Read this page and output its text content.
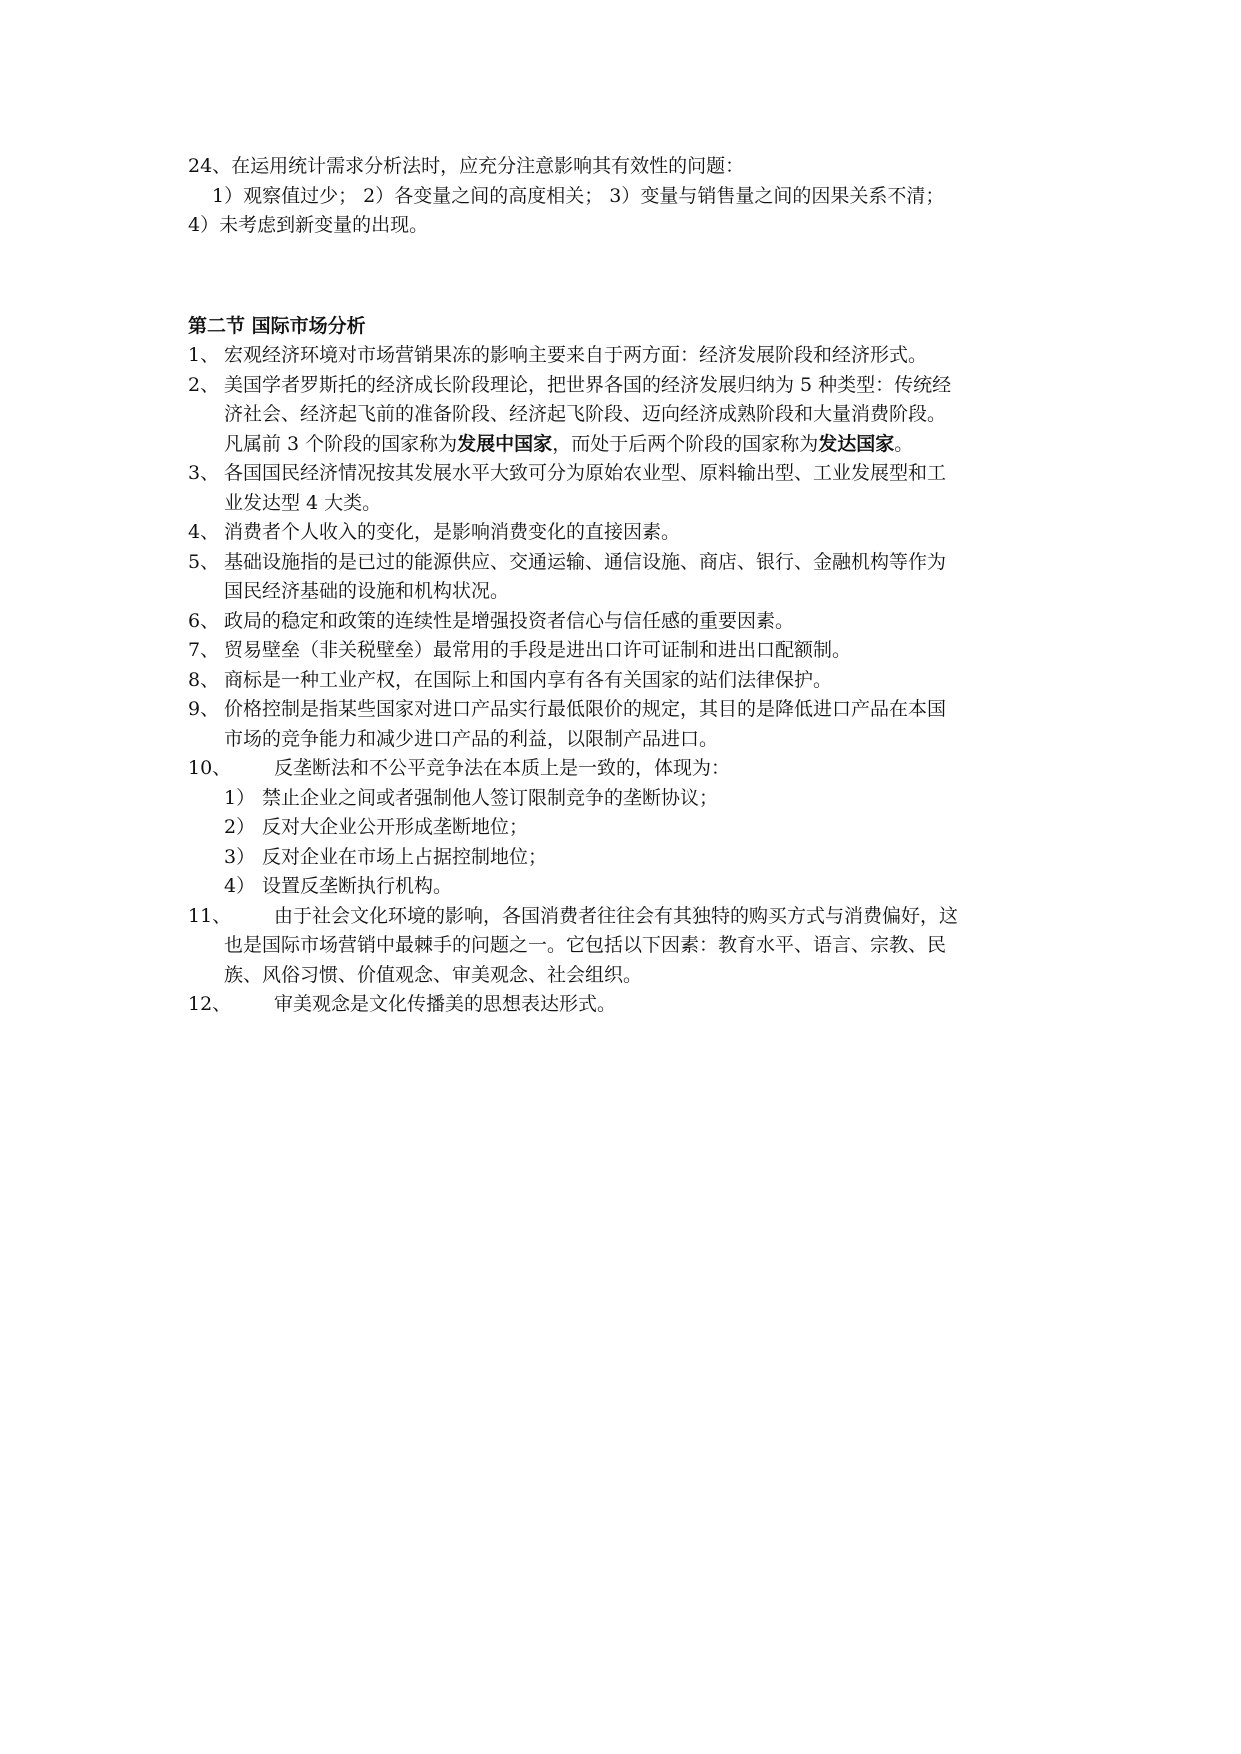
24、在运用统计需求分析法时，应充分注意影响其有效性的问题：
1）观察值过少； 2）各变量之间的高度相关； 3）变量与销售量之间的因果关系不清；
4）未考虑到新变量的出现。
第二节 国际市场分析
1、 宏观经济环境对市场营销果冻的影响主要来自于两方面：经济发展阶段和经济形式。
2、 美国学者罗斯托的经济成长阶段理论，把世界各国的经济发展归纳为 5 种类型：传统经
济社会、经济起飞前的准备阶段、经济起飞阶段、迈向经济成熟阶段和大量消费阶段。
凡属前 3 个阶段的国家称为发展中国家，而处于后两个阶段的国家称为发达国家。
3、 各国国民经济情况按其发展水平大致可分为原始农业型、原料输出型、工业发展型和工
业发达型 4 大类。
4、 消费者个人收入的变化，是影响消费变化的直接因素。
5、 基础设施指的是已过的能源供应、交通运输、通信设施、商店、银行、金融机构等作为
国民经济基础的设施和机构状况。
6、 政局的稳定和政策的连续性是增强投资者信心与信任感的重要因素。
7、 贸易壁垒（非关税壁垒）最常用的手段是进出口许可证制和进出口配额制。
8、 商标是一种工业产权，在国际上和国内享有各有关国家的站们法律保护。
9、 价格控制是指某些国家对进口产品实行最低限价的规定，其目的是降低进口产品在本国
市场的竞争能力和减少进口产品的利益，以限制产品进口。
10、	反垄断法和不公平竞争法在本质上是一致的，体现为：
1） 禁止企业之间或者强制他人签订限制竞争的垄断协议；
2） 反对大企业公开形成垄断地位；
3） 反对企业在市场上占据控制地位；
4） 设置反垄断执行机构。
11、	由于社会文化环境的影响，各国消费者往往会有其独特的购买方式与消费偏好，这
也是国际市场营销中最棘手的问题之一。它包括以下因素：教育水平、语言、宗教、民
族、风俗习惯、价值观念、审美观念、社会组织。
12、	审美观念是文化传播美的思想表达形式。
